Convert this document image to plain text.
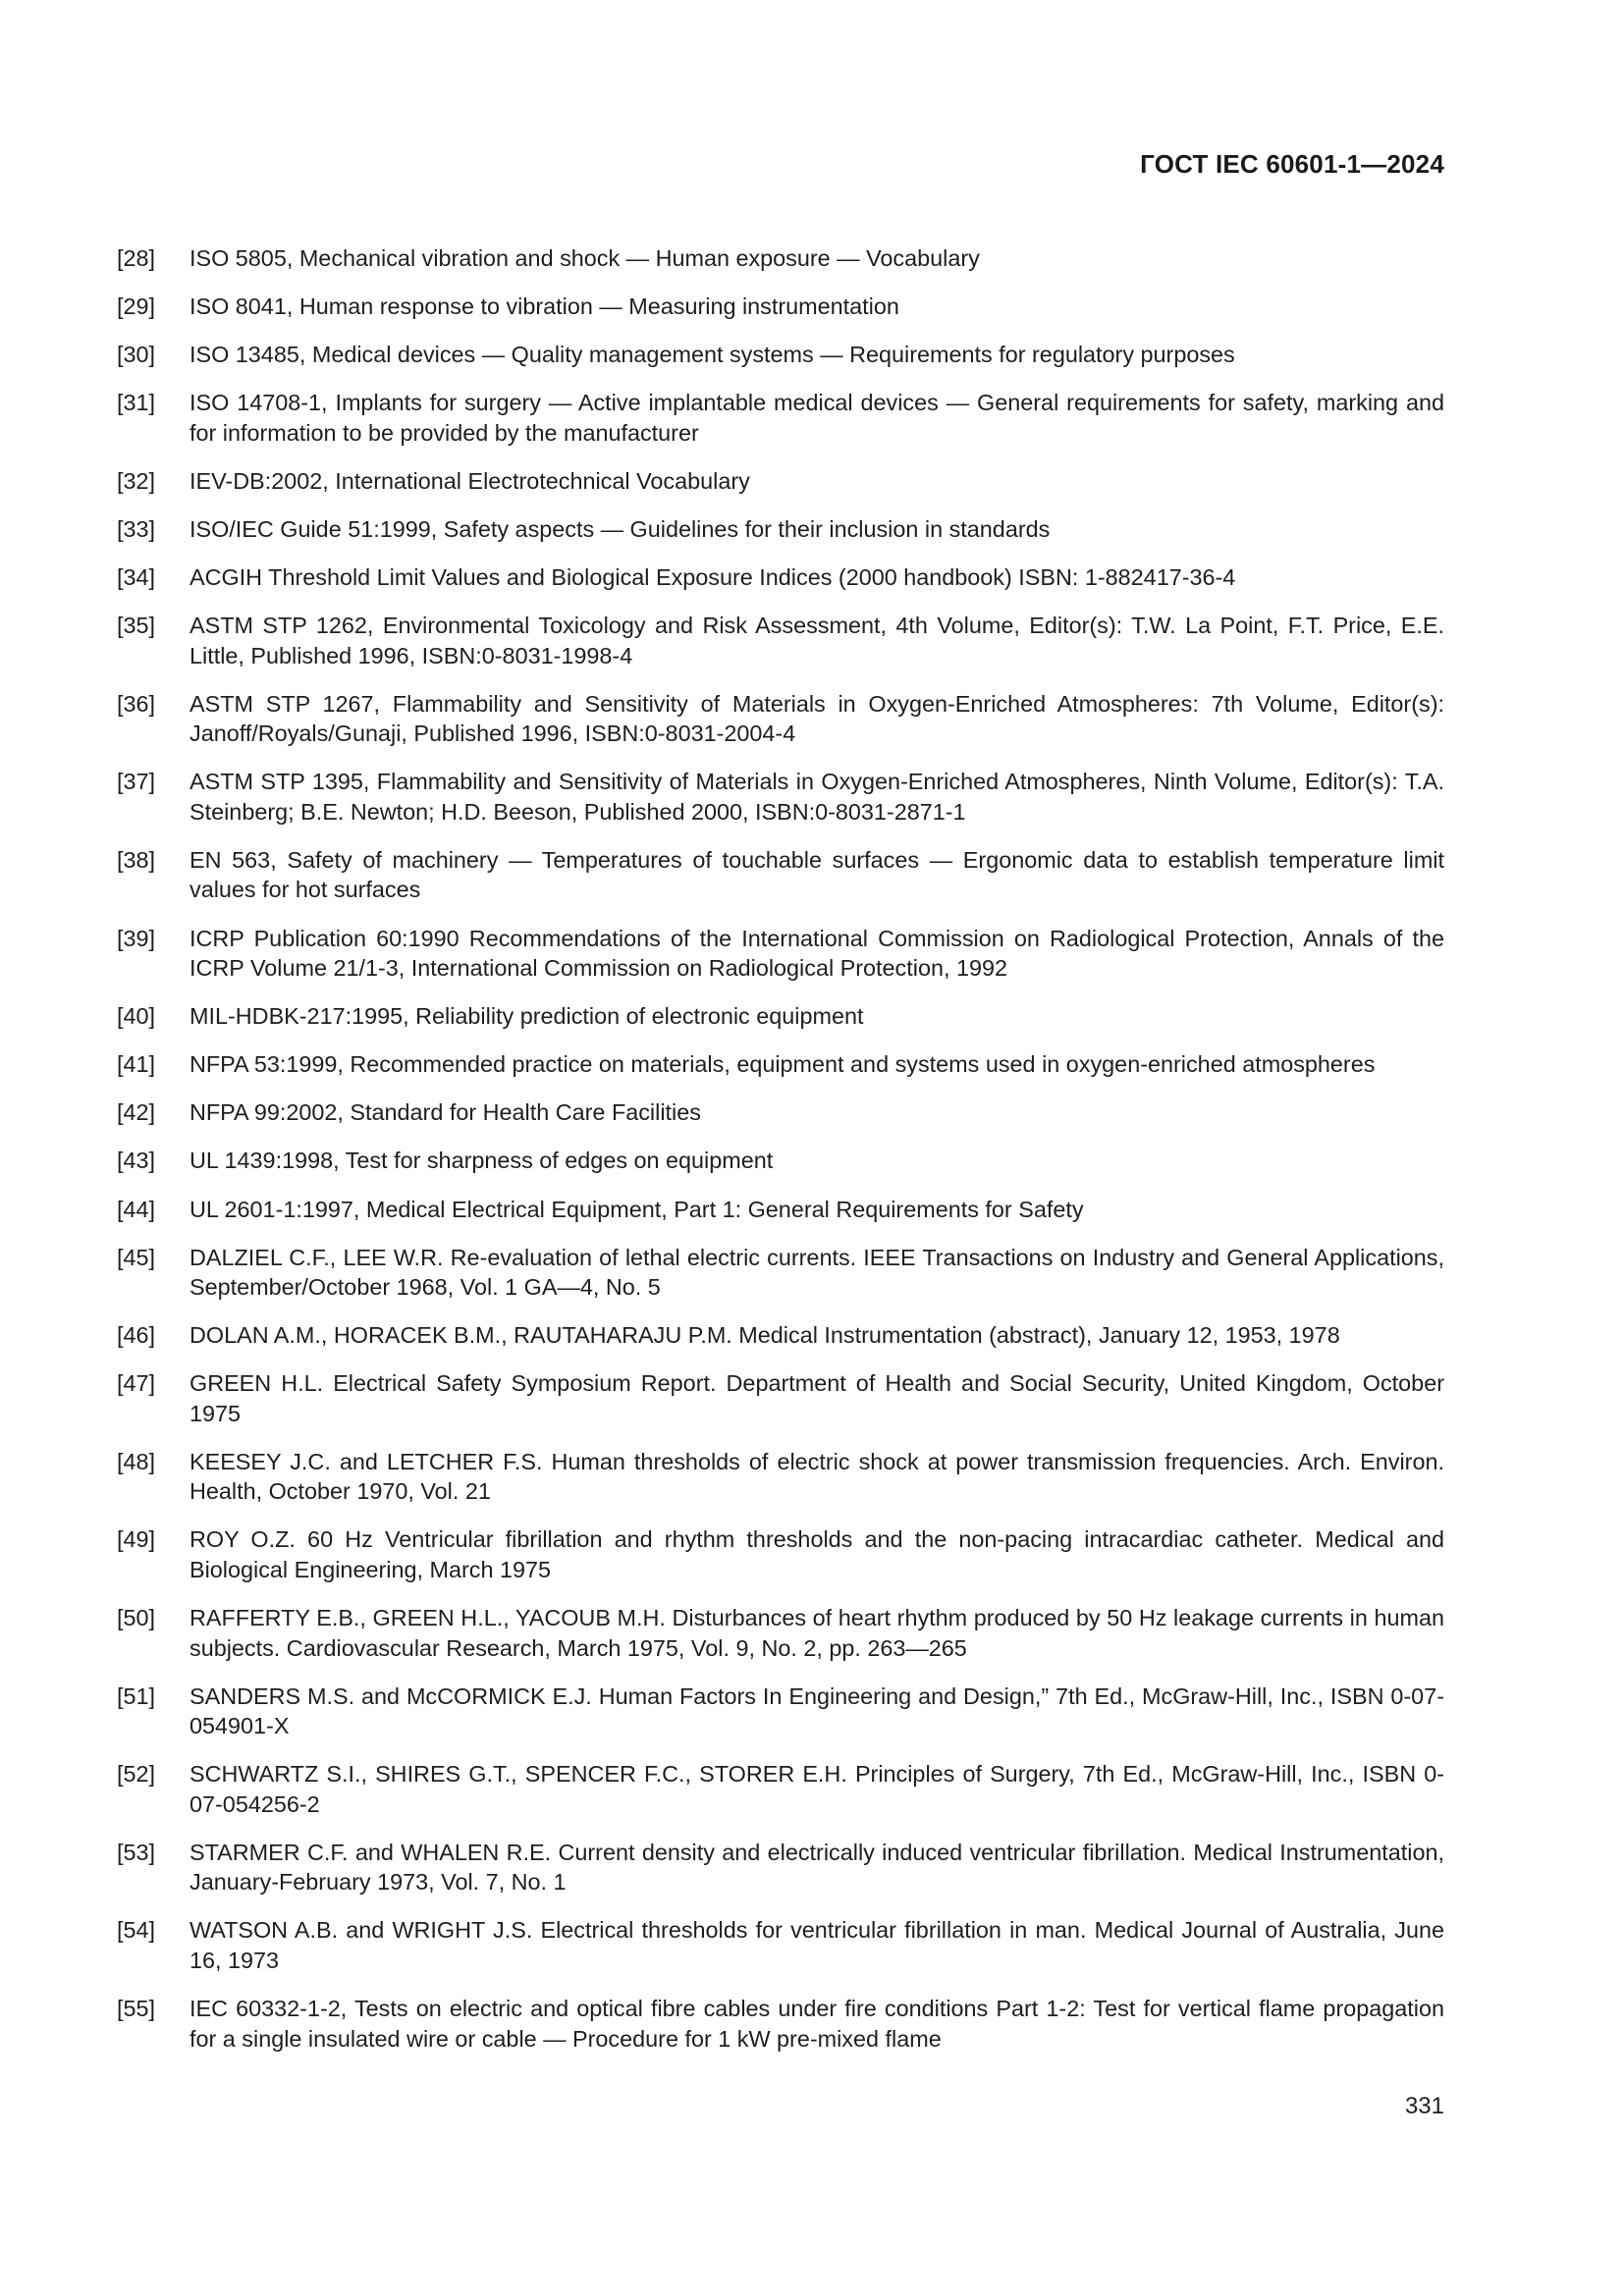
ГОСТ IEC 60601-1—2024
[28]	ISO 5805, Mechanical vibration and shock — Human exposure — Vocabulary
[29]	ISO 8041, Human response to vibration — Measuring instrumentation
[30]	ISO 13485, Medical devices — Quality management systems — Requirements for regulatory purposes
[31]	ISO 14708-1, Implants for surgery — Active implantable medical devices — General requirements for safety, marking and for information to be provided by the manufacturer
[32]	IEV-DB:2002, International Electrotechnical Vocabulary
[33]	ISO/IEC Guide 51:1999, Safety aspects — Guidelines for their inclusion in standards
[34]	ACGIH Threshold Limit Values and Biological Exposure Indices (2000 handbook) ISBN: 1-882417-36-4
[35]	ASTM STP 1262, Environmental Toxicology and Risk Assessment, 4th Volume, Editor(s): T.W. La Point, F.T. Price, E.E. Little, Published 1996, ISBN:0-8031-1998-4
[36]	ASTM STP 1267, Flammability and Sensitivity of Materials in Oxygen-Enriched Atmospheres: 7th Volume, Editor(s): Janoff/Royals/Gunaji, Published 1996, ISBN:0-8031-2004-4
[37]	ASTM STP 1395, Flammability and Sensitivity of Materials in Oxygen-Enriched Atmospheres, Ninth Volume, Editor(s): T.A. Steinberg; B.E. Newton; H.D. Beeson, Published 2000, ISBN:0-8031-2871-1
[38]	EN 563, Safety of machinery — Temperatures of touchable surfaces — Ergonomic data to establish temperature limit values for hot surfaces
[39]	ICRP Publication 60:1990 Recommendations of the International Commission on Radiological Protection, Annals of the ICRP Volume 21/1-3, International Commission on Radiological Protection, 1992
[40]	MIL-HDBK-217:1995, Reliability prediction of electronic equipment
[41]	NFPA 53:1999, Recommended practice on materials, equipment and systems used in oxygen-enriched atmospheres
[42]	NFPA 99:2002, Standard for Health Care Facilities
[43]	UL 1439:1998, Test for sharpness of edges on equipment
[44]	UL 2601-1:1997, Medical Electrical Equipment, Part 1: General Requirements for Safety
[45]	DALZIEL C.F., LEE W.R. Re-evaluation of lethal electric currents. IEEE Transactions on Industry and General Applications, September/October 1968, Vol. 1 GA—4, No. 5
[46]	DOLAN A.M., HORACEK B.M., RAUTAHARAJU P.M. Medical Instrumentation (abstract), January 12, 1953, 1978
[47]	GREEN H.L. Electrical Safety Symposium Report. Department of Health and Social Security, United Kingdom, October 1975
[48]	KEESEY J.C. and LETCHER F.S. Human thresholds of electric shock at power transmission frequencies. Arch. Environ. Health, October 1970, Vol. 21
[49]	ROY O.Z. 60 Hz Ventricular fibrillation and rhythm thresholds and the non-pacing intracardiac catheter. Medical and Biological Engineering, March 1975
[50]	RAFFERTY E.B., GREEN H.L., YACOUB M.H. Disturbances of heart rhythm produced by 50 Hz leakage currents in human subjects. Cardiovascular Research, March 1975, Vol. 9, No. 2, pp. 263—265
[51]	SANDERS M.S. and McCORMICK E.J. Human Factors In Engineering and Design,” 7th Ed., McGraw-Hill, Inc., ISBN 0-07-054901-X
[52]	SCHWARTZ S.I., SHIRES G.T., SPENCER F.C., STORER E.H. Principles of Surgery, 7th Ed., McGraw-Hill, Inc., ISBN 0-07-054256-2
[53]	STARMER C.F. and WHALEN R.E. Current density and electrically induced ventricular fibrillation. Medical Instrumentation, January-February 1973, Vol. 7, No. 1
[54]	WATSON A.B. and WRIGHT J.S. Electrical thresholds for ventricular fibrillation in man. Medical Journal of Australia, June 16, 1973
[55]	IEC 60332-1-2, Tests on electric and optical fibre cables under fire conditions Part 1-2: Test for vertical flame propagation for a single insulated wire or cable — Procedure for 1 kW pre-mixed flame
331
